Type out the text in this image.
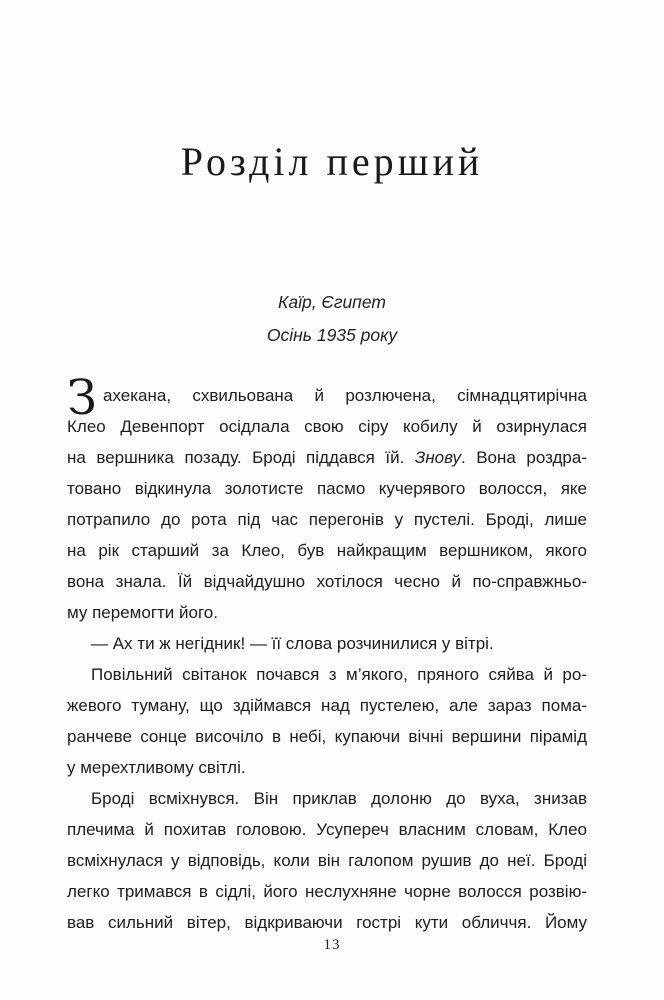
Розділ перший

Каїр, Єгипет

Осінь 1935 року

З ахекана, схвильована й розлючена, сімнадцятирічна
Клео Девенпорт осідлала свою сіру кобилу й озирнулася
на вершника позаду. Броді піддався їй. Знову. Вона роздра-
товано відкинула золотисте пасмо кучерявого волосся, яке
потрапило до рота під час перегонів у пустелі. Броді, лише
на рік старший за Клео, був найкращим вершником, якого
вона знала. Їй відчайдушно хотілося чесно й по-справжньо-
му перемогти його.
— Ах ти ж негідник! — її слова розчинилися у вітрі.
Повільний світанок почався з м’якого, пряного сяйва й ро-
жевого туману, що здіймався над пустелею, але зараз пома-
ранчеве сонце височіло в небі, купаючи вічні вершини пірамід
у мерехтливому світлі.
Броді всміхнувся. Він приклав долоню до вуха, знизав
плечима й похитав головою. Усупереч власним словам, Клео
всміхнулася у відповідь, коли він галопом рушив до неї. Броді
легко тримався в сідлі, його неслухняне чорне волосся розвію-
вав сильний вітер, відкриваючи гострі кути обличчя. Йому
13
